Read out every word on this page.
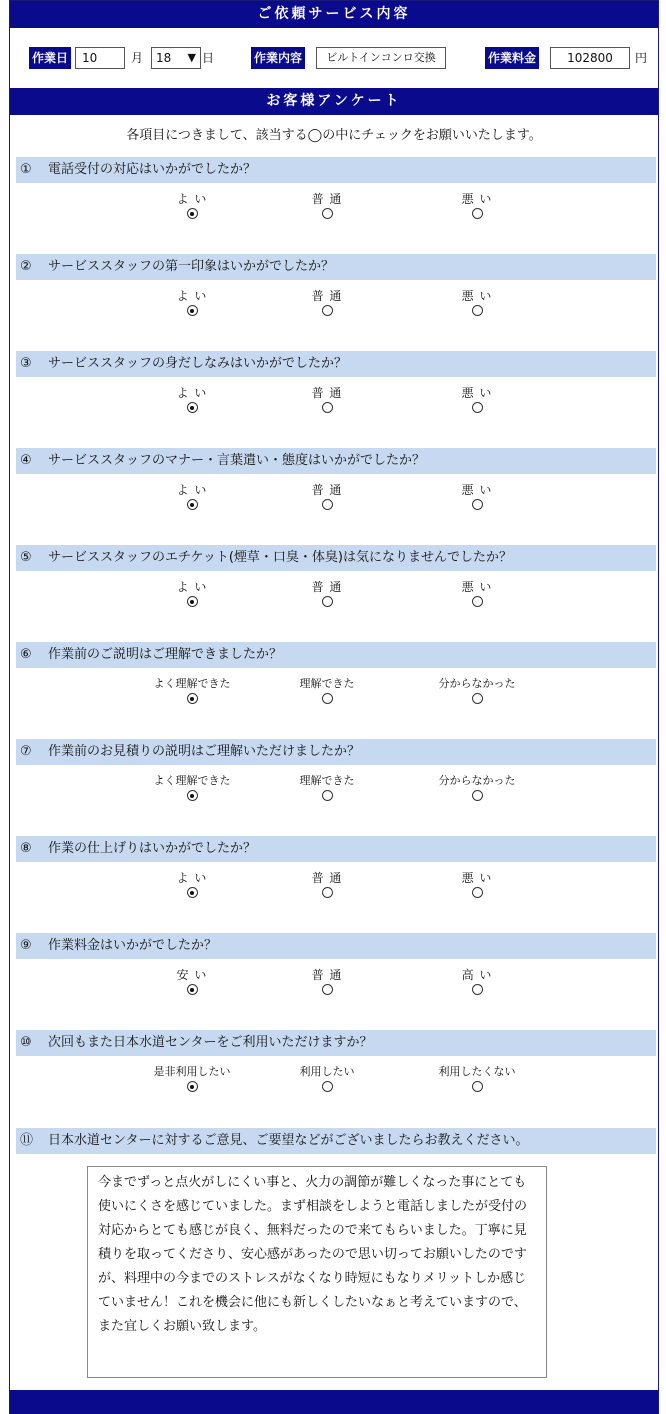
ご依頼サービス内容
作業日	10	月	18 ▼ 日	作業内容	ビルトインコンロ交換	作業料金	102800	円
お客様アンケート
各項目につきまして、該当する◯の中にチェックをお願いいたします。
① 電話受付の対応はいかがでしたか？
よ い	普 通	悪 い
② サービススタッフの第一印象はいかがでしたか？
よ い	普 通	悪 い
③ サービススタッフの身だしなみはいかがでしたか？
よ い	普 通	悪 い
④ サービススタッフのマナー・言葉遣い・態度はいかがでしたか？
よ い	普 通	悪 い
⑤ サービススタッフのエチケット(煙草・口臭・体臭)は気になりませんでしたか？
よ い	普 通	悪 い
⑥ 作業前のご説明はご理解できましたか？
よく理解できた	理解できた	分からなかった
⑦ 作業前のお見積りの説明はご理解いただけましたか？
よく理解できた	理解できた	分からなかった
⑧ 作業の仕上げりはいかがでしたか？
よ い	普 通	悪 い
⑨ 作業料金はいかがでしたか？
安 い	普 通	高 い
⑩ 次回もまた日本水道センターをご利用いただけますか？
是非利用したい	利用したい	利用したくない
⑪ 日本水道センターに対するご意見、ご要望などがございましたらお教えください。
今までずっと点火がしにくい事と、火力の調節が難しくなった事にとても使いにくさを感じていました。まず相談をしようと電話しましたが受付の対応からとても感じが良く、無料だったので来てもらいました。丁寧に見積りを取ってくださり、安心感があったので思い切ってお願いしたのですが、料理中の今までのストレスがなくなり時短にもなりメリットしか感じていません！これを機会に他にも新しくしたいなぁと考えていますので、また宜しくお願い致します。
